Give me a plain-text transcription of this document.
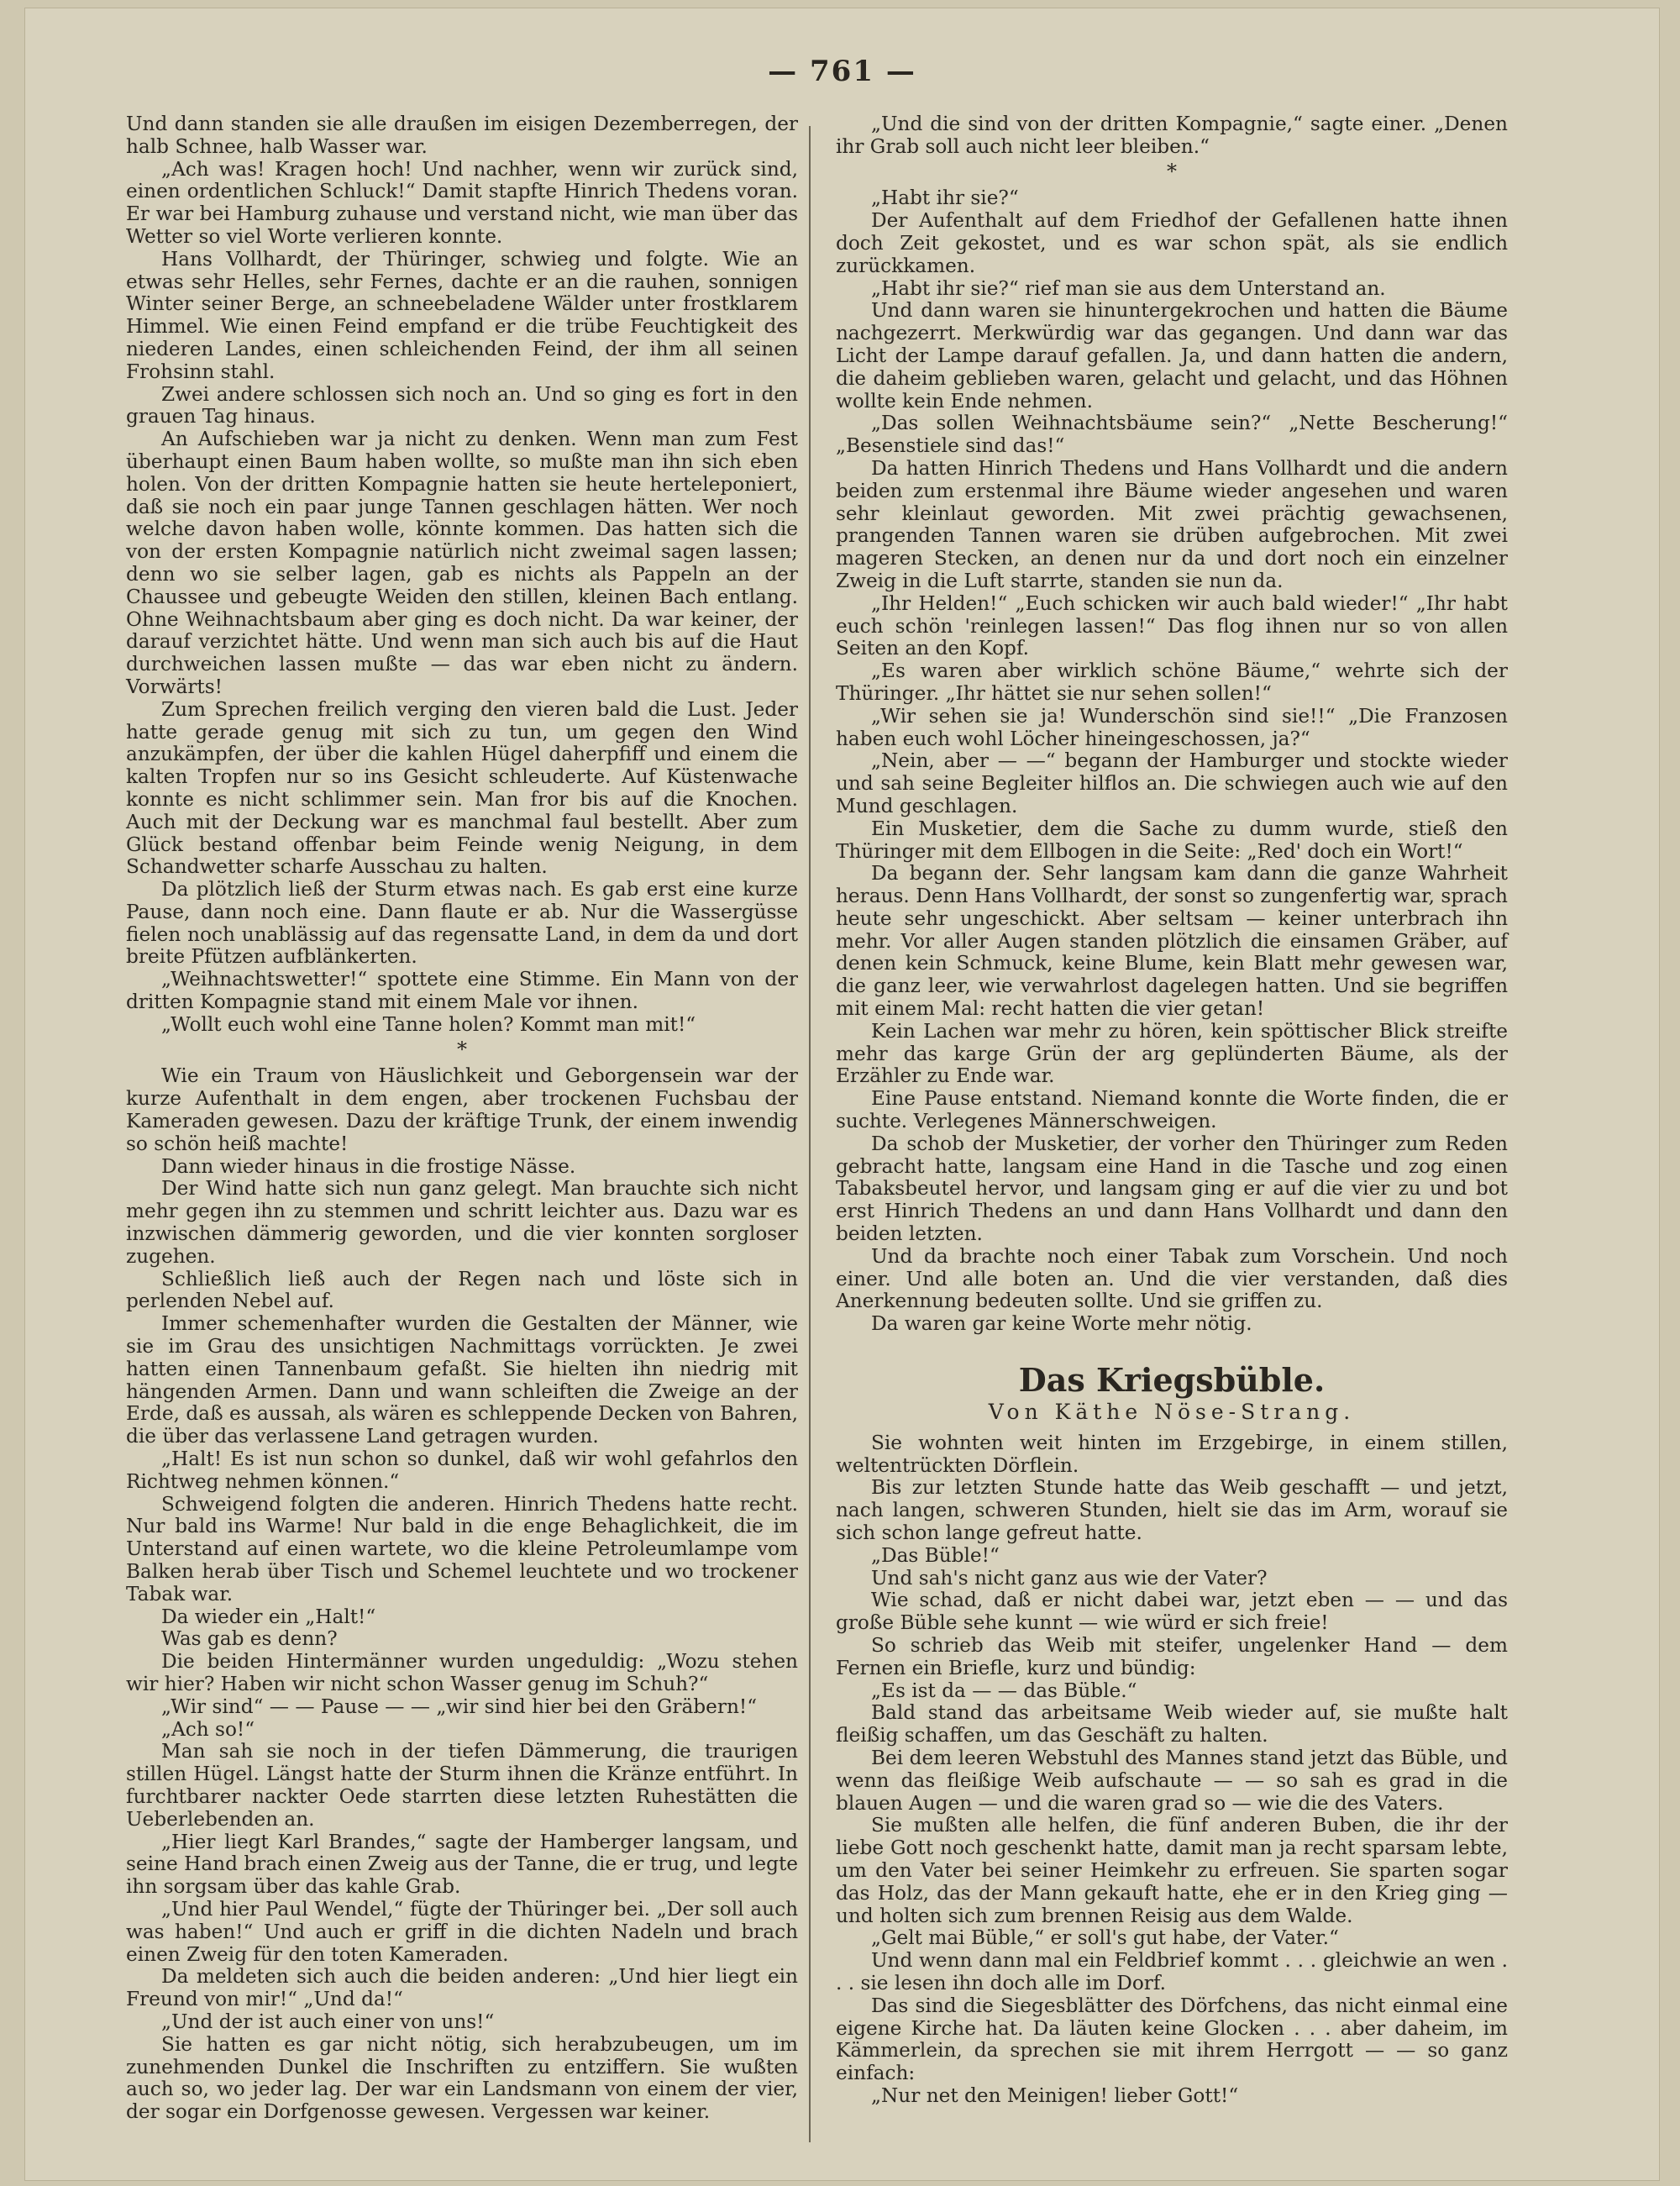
— 761 —

Und dann standen sie alle draußen im eisigen Dezemberregen, der halb Schnee, halb Wasser war.

„Ach was! Kragen hoch! Und nachher, wenn wir zurück sind, einen ordentlichen Schluck!“ Damit stapfte Hinrich Thedens voran. Er war bei Hamburg zuhause und verstand nicht, wie man über das Wetter so viel Worte verlieren konnte.

Hans Vollhardt, der Thüringer, schwieg und folgte. Wie an etwas sehr Helles, sehr Fernes, dachte er an die rauhen, sonnigen Winter seiner Berge, an schneebeladene Wälder unter frostklarem Himmel. Wie einen Feind empfand er die trübe Feuchtigkeit des niederen Landes, einen schleichenden Feind, der ihm all seinen Frohsinn stahl.

Zwei andere schlossen sich noch an. Und so ging es fort in den grauen Tag hinaus.

An Aufschieben war ja nicht zu denken. Wenn man zum Fest überhaupt einen Baum haben wollte, so mußte man ihn sich eben holen. Von der dritten Kompagnie hatten sie heute herteleponiert, daß sie noch ein paar junge Tannen geschlagen hätten. Wer noch welche davon haben wolle, könnte kommen. Das hatten sich die von der ersten Kompagnie natürlich nicht zweimal sagen lassen; denn wo sie selber lagen, gab es nichts als Pappeln an der Chaussee und gebeugte Weiden den stillen, kleinen Bach entlang. Ohne Weihnachtsbaum aber ging es doch nicht. Da war keiner, der darauf verzichtet hätte. Und wenn man sich auch bis auf die Haut durchweichen lassen mußte — das war eben nicht zu ändern. Vorwärts!

Zum Sprechen freilich verging den vieren bald die Lust. Jeder hatte gerade genug mit sich zu tun, um gegen den Wind anzukämpfen, der über die kahlen Hügel daherpfiff und einem die kalten Tropfen nur so ins Gesicht schleuderte. Auf Küstenwache konnte es nicht schlimmer sein. Man fror bis auf die Knochen. Auch mit der Deckung war es manchmal faul bestellt. Aber zum Glück bestand offenbar beim Feinde wenig Neigung, in dem Schandwetter scharfe Ausschau zu halten.

Da plötzlich ließ der Sturm etwas nach. Es gab erst eine kurze Pause, dann noch eine. Dann flaute er ab. Nur die Wassergüsse fielen noch unablässig auf das regensatte Land, in dem da und dort breite Pfützen aufblänkerten.

„Weihnachtswetter!“ spottete eine Stimme. Ein Mann von der dritten Kompagnie stand mit einem Male vor ihnen.

„Wollt euch wohl eine Tanne holen? Kommt man mit!“

*

Wie ein Traum von Häuslichkeit und Geborgensein war der kurze Aufenthalt in dem engen, aber trockenen Fuchsbau der Kameraden gewesen. Dazu der kräftige Trunk, der einem inwendig so schön heiß machte!

Dann wieder hinaus in die frostige Nässe.

Der Wind hatte sich nun ganz gelegt. Man brauchte sich nicht mehr gegen ihn zu stemmen und schritt leichter aus. Dazu war es inzwischen dämmerig geworden, und die vier konnten sorgloser zugehen.

Schließlich ließ auch der Regen nach und löste sich in perlenden Nebel auf.

Immer schemenhafter wurden die Gestalten der Männer, wie sie im Grau des unsichtigen Nachmittags vorrückten. Je zwei hatten einen Tannenbaum gefaßt. Sie hielten ihn niedrig mit hängenden Armen. Dann und wann schleiften die Zweige an der Erde, daß es aussah, als wären es schleppende Decken von Bahren, die über das verlassene Land getragen wurden.

„Halt! Es ist nun schon so dunkel, daß wir wohl gefahrlos den Richtweg nehmen können.“

Schweigend folgten die anderen. Hinrich Thedens hatte recht. Nur bald ins Warme! Nur bald in die enge Behaglichkeit, die im Unterstand auf einen wartete, wo die kleine Petroleumlampe vom Balken herab über Tisch und Schemel leuchtete und wo trockener Tabak war.

Da wieder ein „Halt!“

Was gab es denn?

Die beiden Hintermänner wurden ungeduldig: „Wozu stehen wir hier? Haben wir nicht schon Wasser genug im Schuh?“

„Wir sind“ — — Pause — — „wir sind hier bei den Gräbern!“

„Ach so!“

Man sah sie noch in der tiefen Dämmerung, die traurigen stillen Hügel. Längst hatte der Sturm ihnen die Kränze entführt. In furchtbarer nackter Oede starrten diese letzten Ruhestätten die Ueberlebenden an.

„Hier liegt Karl Brandes,“ sagte der Hamberger langsam, und seine Hand brach einen Zweig aus der Tanne, die er trug, und legte ihn sorgsam über das kahle Grab.

„Und hier Paul Wendel,“ fügte der Thüringer bei. „Der soll auch was haben!“ Und auch er griff in die dichten Nadeln und brach einen Zweig für den toten Kameraden.

Da meldeten sich auch die beiden anderen: „Und hier liegt ein Freund von mir!“ „Und da!“

„Und der ist auch einer von uns!“

Sie hatten es gar nicht nötig, sich herabzubeugen, um im zunehmenden Dunkel die Inschriften zu entziffern. Sie wußten auch so, wo jeder lag. Der war ein Landsmann von einem der vier, der sogar ein Dorfgenosse gewesen. Vergessen war keiner.

„Und die sind von der dritten Kompagnie,“ sagte einer. „Denen ihr Grab soll auch nicht leer bleiben.“

*

„Habt ihr sie?“

Der Aufenthalt auf dem Friedhof der Gefallenen hatte ihnen doch Zeit gekostet, und es war schon spät, als sie endlich zurückkamen.

„Habt ihr sie?“ rief man sie aus dem Unterstand an.

Und dann waren sie hinuntergekrochen und hatten die Bäume nachgezerrt. Merkwürdig war das gegangen. Und dann war das Licht der Lampe darauf gefallen. Ja, und dann hatten die andern, die daheim geblieben waren, gelacht und gelacht, und das Höhnen wollte kein Ende nehmen.

„Das sollen Weihnachtsbäume sein?“ „Nette Bescherung!“ „Besenstiele sind das!“

Da hatten Hinrich Thedens und Hans Vollhardt und die andern beiden zum erstenmal ihre Bäume wieder angesehen und waren sehr kleinlaut geworden. Mit zwei prächtig gewachsenen, prangenden Tannen waren sie drüben aufgebrochen. Mit zwei mageren Stecken, an denen nur da und dort noch ein einzelner Zweig in die Luft starrte, standen sie nun da.

„Ihr Helden!“ „Euch schicken wir auch bald wieder!“ „Ihr habt euch schön 'reinlegen lassen!“ Das flog ihnen nur so von allen Seiten an den Kopf.

„Es waren aber wirklich schöne Bäume,“ wehrte sich der Thüringer. „Ihr hättet sie nur sehen sollen!“

„Wir sehen sie ja! Wunderschön sind sie!!“ „Die Franzosen haben euch wohl Löcher hineingeschossen, ja?“

„Nein, aber — —“ begann der Hamburger und stockte wieder und sah seine Begleiter hilflos an. Die schwiegen auch wie auf den Mund geschlagen.

Ein Musketier, dem die Sache zu dumm wurde, stieß den Thüringer mit dem Ellbogen in die Seite: „Red' doch ein Wort!“

Da begann der. Sehr langsam kam dann die ganze Wahrheit heraus. Denn Hans Vollhardt, der sonst so zungenfertig war, sprach heute sehr ungeschickt. Aber seltsam — keiner unterbrach ihn mehr. Vor aller Augen standen plötzlich die einsamen Gräber, auf denen kein Schmuck, keine Blume, kein Blatt mehr gewesen war, die ganz leer, wie verwahrlost dagelegen hatten. Und sie begriffen mit einem Mal: recht hatten die vier getan!

Kein Lachen war mehr zu hören, kein spöttischer Blick streifte mehr das karge Grün der arg geplünderten Bäume, als der Erzähler zu Ende war.

Eine Pause entstand. Niemand konnte die Worte finden, die er suchte. Verlegenes Männerschweigen.

Da schob der Musketier, der vorher den Thüringer zum Reden gebracht hatte, langsam eine Hand in die Tasche und zog einen Tabaksbeutel hervor, und langsam ging er auf die vier zu und bot erst Hinrich Thedens an und dann Hans Vollhardt und dann den beiden letzten.

Und da brachte noch einer Tabak zum Vorschein. Und noch einer. Und alle boten an. Und die vier verstanden, daß dies Anerkennung bedeuten sollte. Und sie griffen zu.

Da waren gar keine Worte mehr nötig.

Das Kriegsbüble.
Von Käthe Nöse-Strang.

Sie wohnten weit hinten im Erzgebirge, in einem stillen, weltentrückten Dörflein.

Bis zur letzten Stunde hatte das Weib geschafft — und jetzt, nach langen, schweren Stunden, hielt sie das im Arm, worauf sie sich schon lange gefreut hatte.

„Das Büble!“

Und sah's nicht ganz aus wie der Vater?

Wie schad, daß er nicht dabei war, jetzt eben — — und das große Büble sehe kunnt — wie würd er sich freie!

So schrieb das Weib mit steifer, ungelenker Hand — dem Fernen ein Briefle, kurz und bündig:

„Es ist da — — das Büble.“

Bald stand das arbeitsame Weib wieder auf, sie mußte halt fleißig schaffen, um das Geschäft zu halten.

Bei dem leeren Webstuhl des Mannes stand jetzt das Büble, und wenn das fleißige Weib aufschaute — — so sah es grad in die blauen Augen — und die waren grad so — wie die des Vaters.

Sie mußten alle helfen, die fünf anderen Buben, die ihr der liebe Gott noch geschenkt hatte, damit man ja recht sparsam lebte, um den Vater bei seiner Heimkehr zu erfreuen. Sie sparten sogar das Holz, das der Mann gekauft hatte, ehe er in den Krieg ging — und holten sich zum brennen Reisig aus dem Walde.

„Gelt mai Büble,“ er soll's gut habe, der Vater.“

Und wenn dann mal ein Feldbrief kommt . . . gleichwie an wen . . . sie lesen ihn doch alle im Dorf.

Das sind die Siegesblätter des Dörfchens, das nicht einmal eine eigene Kirche hat. Da läuten keine Glocken . . . aber daheim, im Kämmerlein, da sprechen sie mit ihrem Herrgott — — so ganz einfach:

„Nur net den Meinigen! lieber Gott!“
